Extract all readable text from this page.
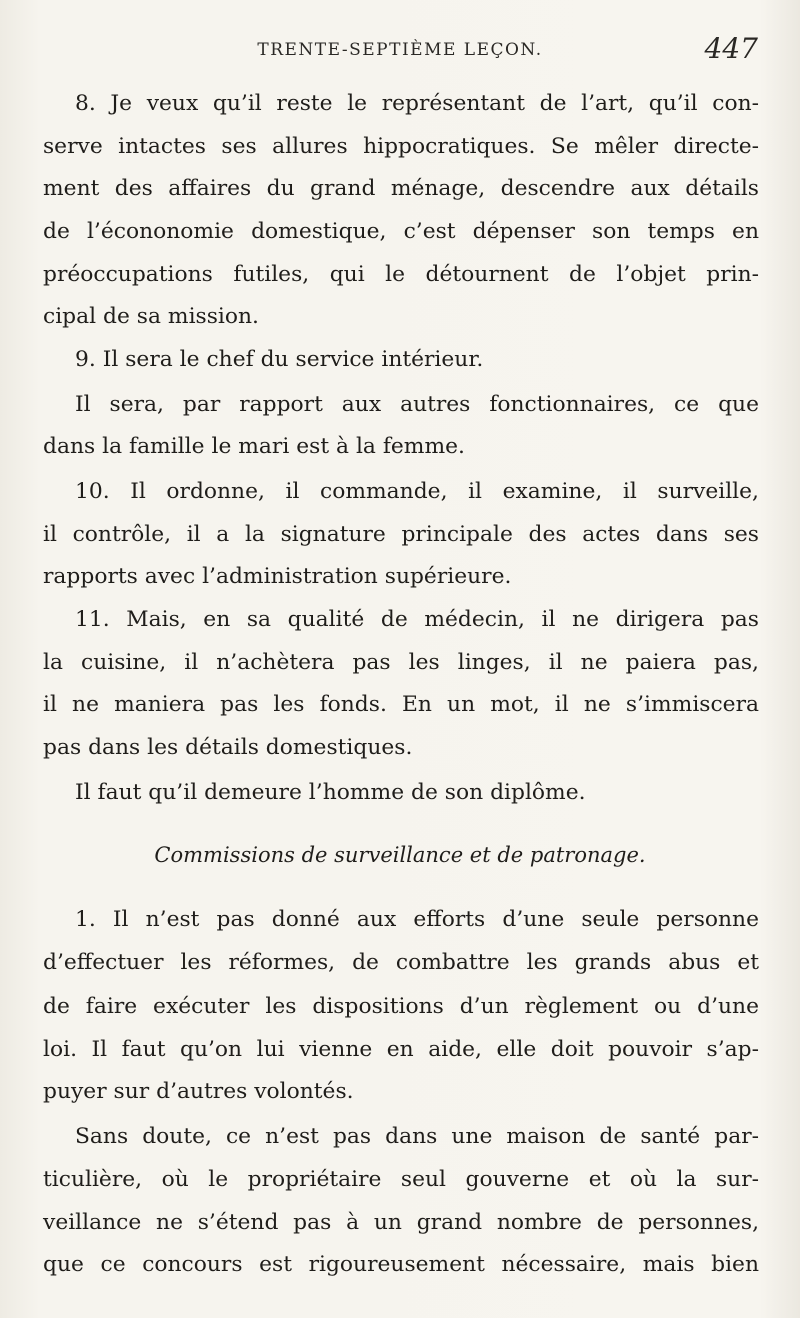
TRENTE-SEPTIÈME LEÇON.	447
8. Je veux qu’il reste le représentant de l’art, qu’il con-
serve intactes ses allures hippocratiques. Se mêler directe-
ment des affaires du grand ménage, descendre aux détails
de l’écononomie domestique, c’est dépenser son temps en
préoccupations futiles, qui le détournent de l’objet prin-
cipal de sa mission.
9. Il sera le chef du service intérieur.
Il sera, par rapport aux autres fonctionnaires, ce que
dans la famille le mari est à la femme.
10. Il ordonne, il commande, il examine, il surveille,
il contrôle, il a la signature principale des actes dans ses
rapports avec l’administration supérieure.
11. Mais, en sa qualité de médecin, il ne dirigera pas
la cuisine, il n’achètera pas les linges, il ne paiera pas,
il ne maniera pas les fonds. En un mot, il ne s’immiscera
pas dans les détails domestiques.
Il faut qu’il demeure l’homme de son diplôme.
Commissions de surveillance et de patronage.
1. Il n’est pas donné aux efforts d’une seule personne
d’effectuer les réformes, de combattre les grands abus et
de faire exécuter les dispositions d’un règlement ou d’une
loi. Il faut qu’on lui vienne en aide, elle doit pouvoir s’ap-
puyer sur d’autres volontés.
Sans doute, ce n’est pas dans une maison de santé par-
ticulière, où le propriétaire seul gouverne et où la sur-
veillance ne s’étend pas à un grand nombre de personnes,
que ce concours est rigoureusement nécessaire, mais bien
